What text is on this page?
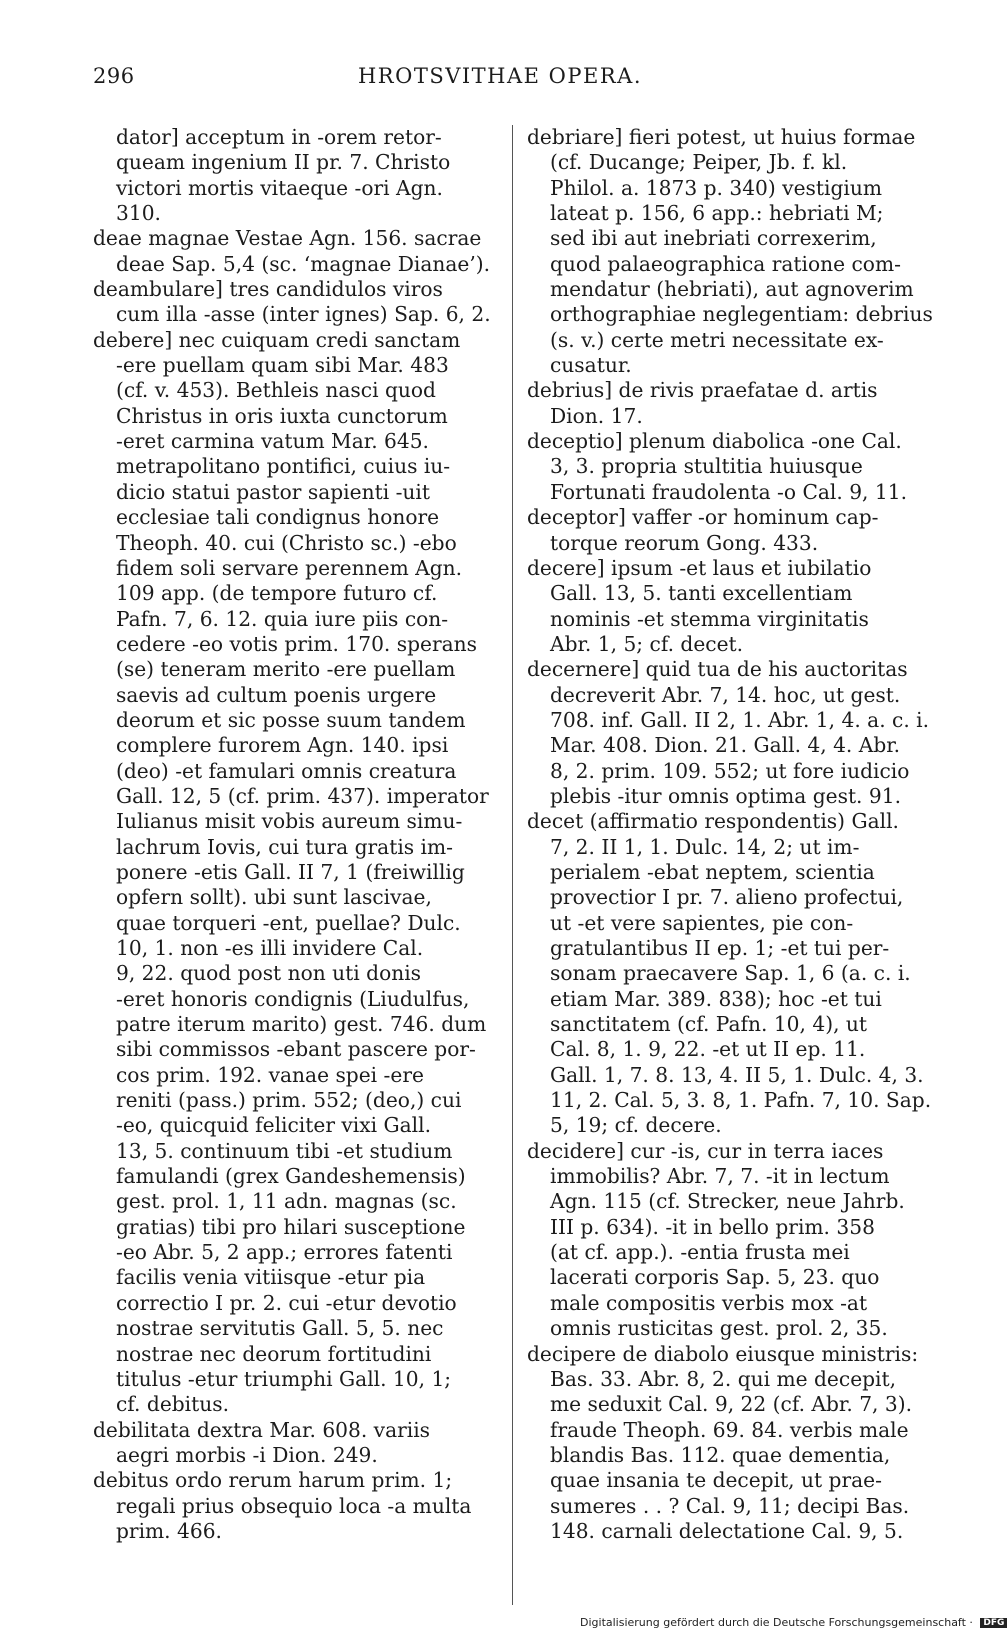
296	HROTSVITHAE OPERA.
dator] acceptum in -orem retor-
queam ingenium II pr. 7. Christo
victori mortis vitaeque -ori Agn.
310.
deae magnae Vestae Agn. 156. sacrae
deae Sap. 5,4 (sc. ‘magnae Dianae’).
deambulare] tres candidulos viros
cum illa -asse (inter ignes) Sap. 6, 2.
debere] nec cuiquam credi sanctam
-ere puellam quam sibi Mar. 483
(cf. v. 453). Bethleis nasci quod
Christus in oris iuxta cunctorum
-eret carmina vatum Mar. 645.
metrapolitano pontifici, cuius iu-
dicio statui pastor sapienti -uit
ecclesiae tali condignus honore
Theoph. 40. cui (Christo sc.) -ebo
fidem soli servare perennem Agn.
109 app. (de tempore futuro cf.
Pafn. 7, 6. 12. quia iure piis con-
cedere -eo votis prim. 170. sperans
(se) teneram merito -ere puellam
saevis ad cultum poenis urgere
deorum et sic posse suum tandem
complere furorem Agn. 140. ipsi
(deo) -et famulari omnis creatura
Gall. 12, 5 (cf. prim. 437). imperator
Iulianus misit vobis aureum simu-
lachrum Iovis, cui tura gratis im-
ponere -etis Gall. II 7, 1 (freiwillig
opfern sollt). ubi sunt lascivae,
quae torqueri -ent, puellae? Dulc.
10, 1. non -es illi invidere Cal.
9, 22. quod post non uti donis
-eret honoris condignis (Liudulfus,
patre iterum marito) gest. 746. dum
sibi commissos -ebant pascere por-
cos prim. 192. vanae spei -ere
reniti (pass.) prim. 552; (deo,) cui
-eo, quicquid feliciter vixi Gall.
13, 5. continuum tibi -et studium
famulandi (grex Gandeshemensis)
gest. prol. 1, 11 adn. magnas (sc.
gratias) tibi pro hilari susceptione
-eo Abr. 5, 2 app.; errores fatenti
facilis venia vitiisque -etur pia
correctio I pr. 2. cui -etur devotio
nostrae servitutis Gall. 5, 5. nec
nostrae nec deorum fortitudini
titulus -etur triumphi Gall. 10, 1;
cf. debitus.
debilitata dextra Mar. 608. variis
aegri morbis -i Dion. 249.
debitus ordo rerum harum prim. 1;
regali prius obsequio loca -a multa
prim. 466.
debriare] fieri potest, ut huius formae
(cf. Ducange; Peiper, Jb. f. kl.
Philol. a. 1873 p. 340) vestigium
lateat p. 156, 6 app.: hebriati M;
sed ibi aut inebriati correxerim,
quod palaeographica ratione com-
mendatur (hebriati), aut agnoverim
orthographiae neglegentiam: debrius
(s. v.) certe metri necessitate ex-
cusatur.
debrius] de rivis praefatae d. artis
Dion. 17.
deceptio] plenum diabolica -one Cal.
3, 3. propria stultitia huiusque
Fortunati fraudolenta -o Cal. 9, 11.
deceptor] vaffer -or hominum cap-
torque reorum Gong. 433.
decere] ipsum -et laus et iubilatio
Gall. 13, 5. tanti excellentiam
nominis -et stemma virginitatis
Abr. 1, 5; cf. decet.
decernere] quid tua de his auctoritas
decreverit Abr. 7, 14. hoc, ut gest.
708. inf. Gall. II 2, 1. Abr. 1, 4. a. c. i.
Mar. 408. Dion. 21. Gall. 4, 4. Abr.
8, 2. prim. 109. 552; ut fore iudicio
plebis -itur omnis optima gest. 91.
decet (affirmatio respondentis) Gall.
7, 2. II 1, 1. Dulc. 14, 2; ut im-
perialem -ebat neptem, scientia
provectior I pr. 7. alieno profectui,
ut -et vere sapientes, pie con-
gratulantibus II ep. 1; -et tui per-
sonam praecavere Sap. 1, 6 (a. c. i.
etiam Mar. 389. 838); hoc -et tui
sanctitatem (cf. Pafn. 10, 4), ut
Cal. 8, 1. 9, 22. -et ut II ep. 11.
Gall. 1, 7. 8. 13, 4. II 5, 1. Dulc. 4, 3.
11, 2. Cal. 5, 3. 8, 1. Pafn. 7, 10. Sap.
5, 19; cf. decere.
decidere] cur -is, cur in terra iaces
immobilis? Abr. 7, 7. -it in lectum
Agn. 115 (cf. Strecker, neue Jahrb.
III p. 634). -it in bello prim. 358
(at cf. app.). -entia frusta mei
lacerati corporis Sap. 5, 23. quo
male compositis verbis mox -at
omnis rusticitas gest. prol. 2, 35.
decipere de diabolo eiusque ministris:
Bas. 33. Abr. 8, 2. qui me decepit,
me seduxit Cal. 9, 22 (cf. Abr. 7, 3).
fraude Theoph. 69. 84. verbis male
blandis Bas. 112. quae dementia,
quae insania te decepit, ut prae-
sumeres . . ? Cal. 9, 11; decipi Bas.
148. carnali delectatione Cal. 9, 5.
Digitalisierung gefördert durch die Deutsche Forschungsgemeinschaft · DFG
